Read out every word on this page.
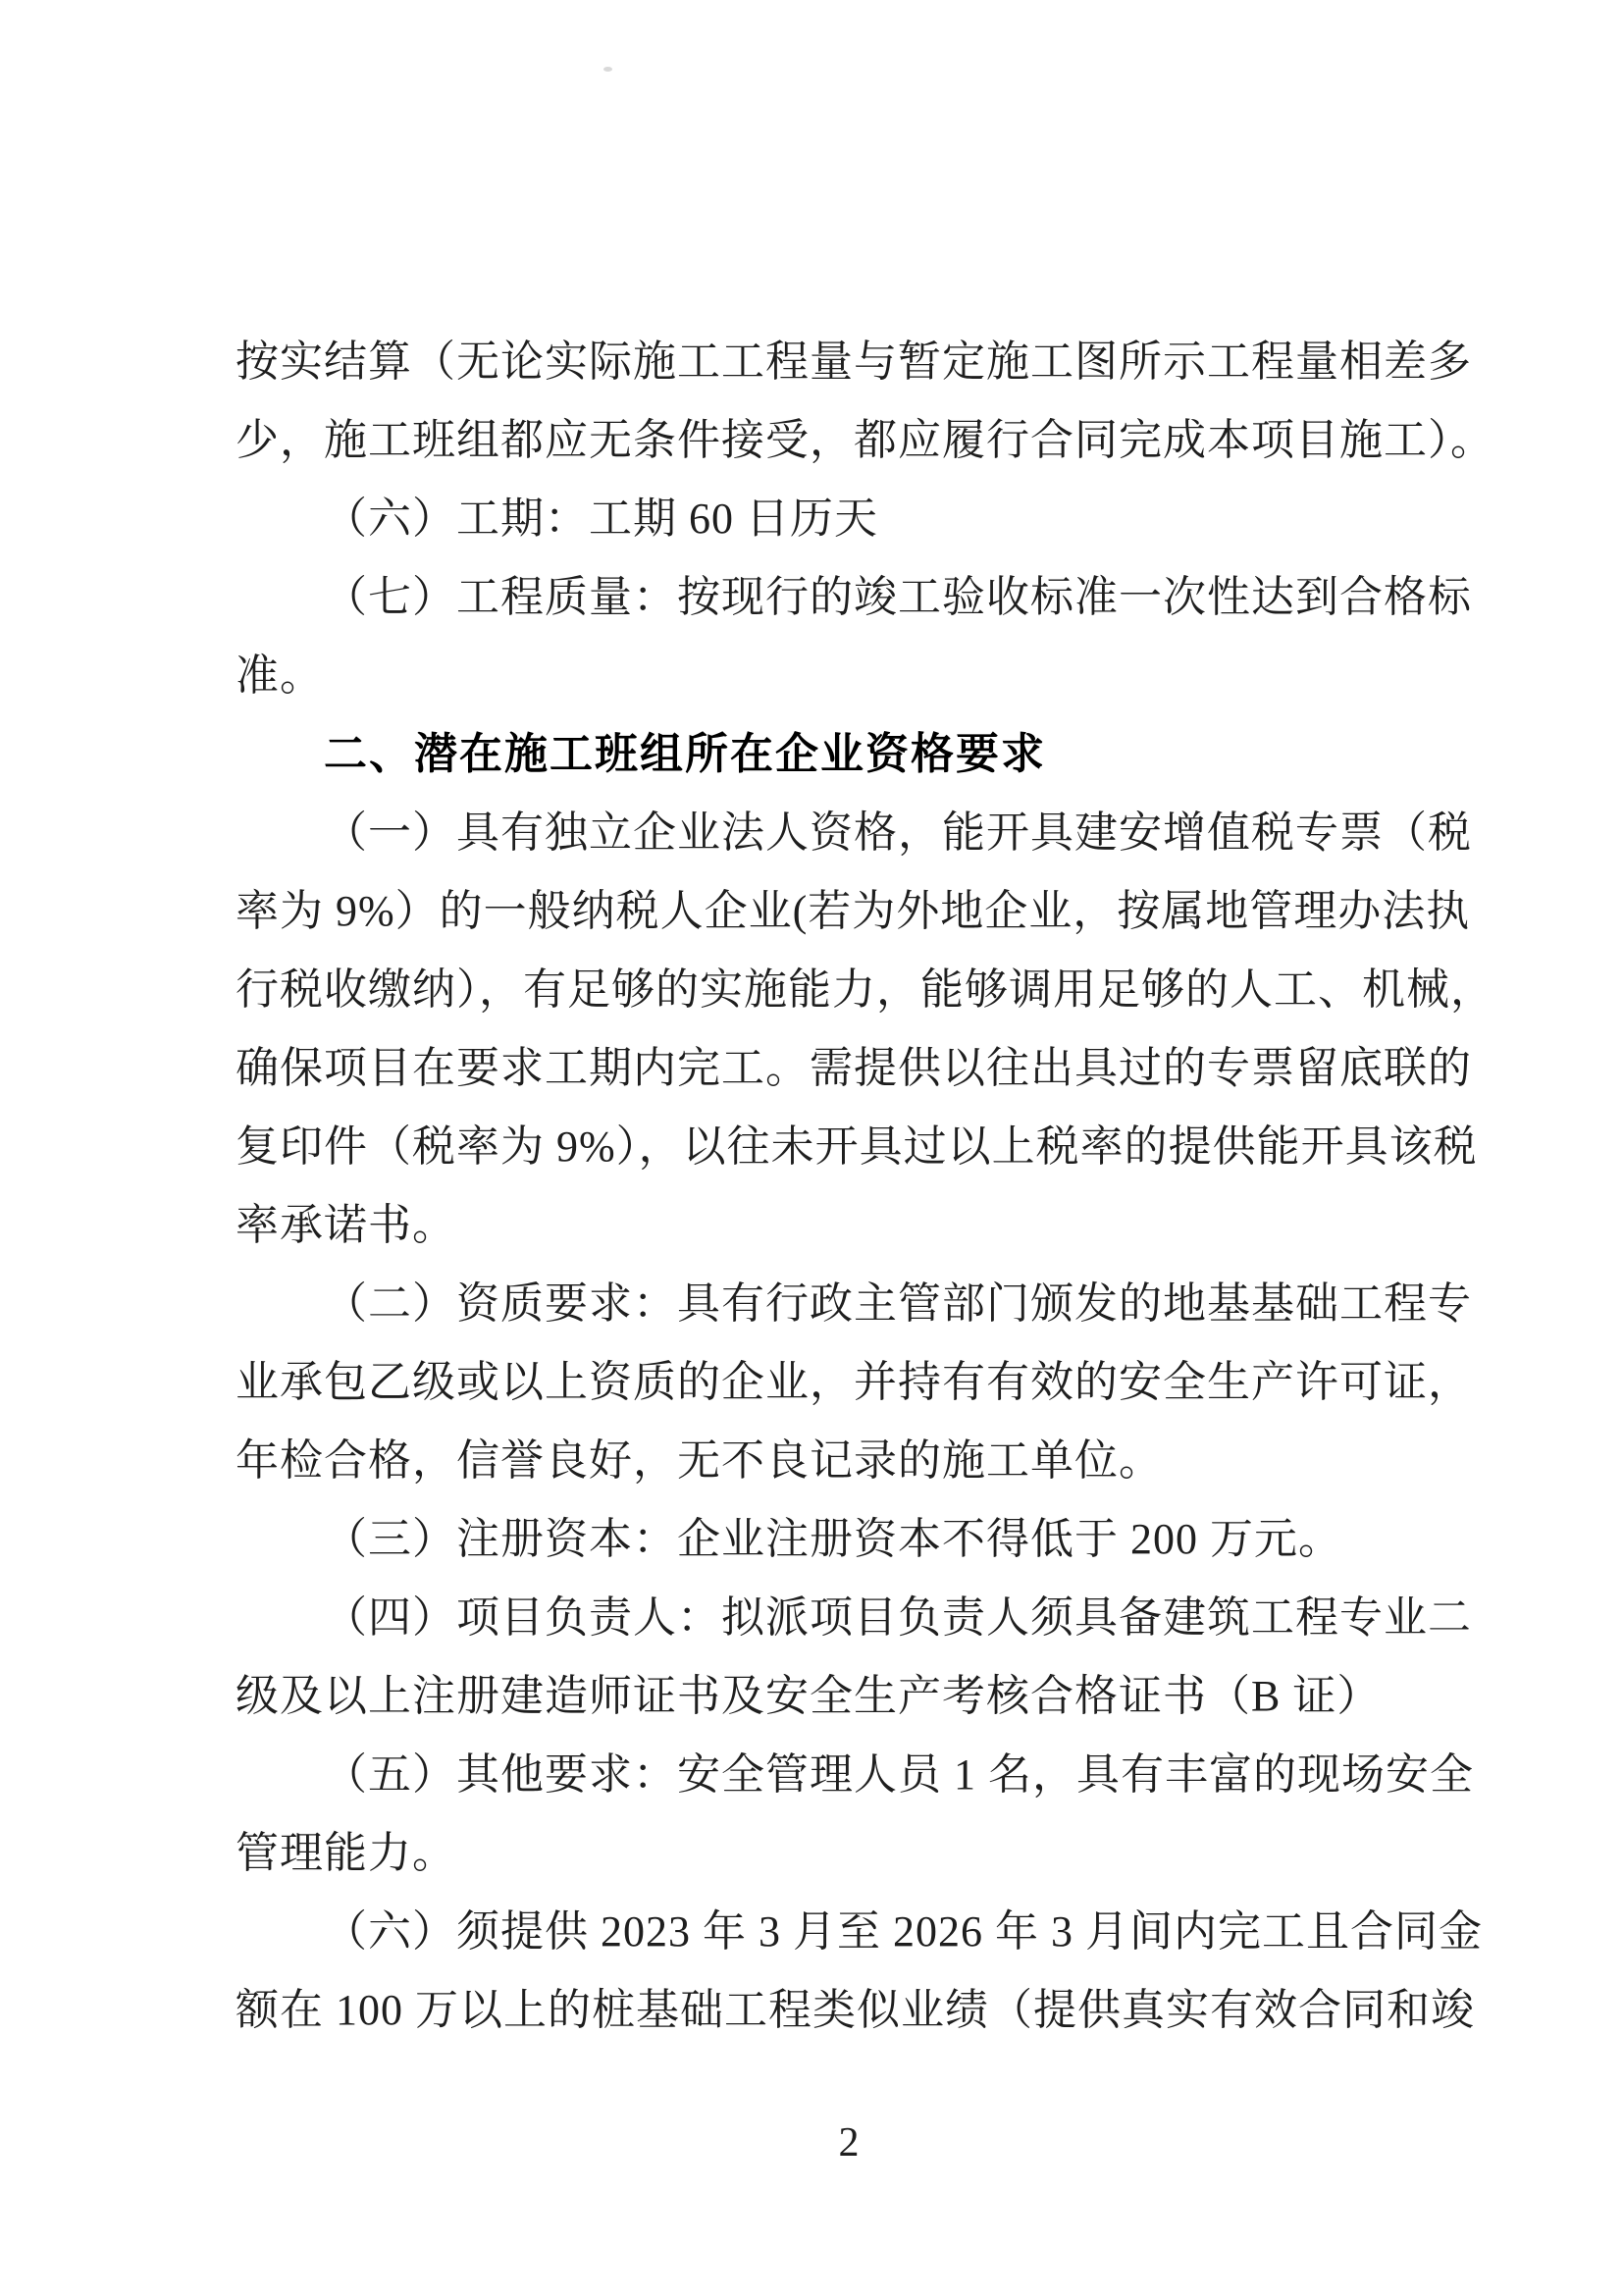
按实结算（无论实际施工工程量与暂定施工图所示工程量相差多
少，施工班组都应无条件接受，都应履行合同完成本项目施工）。
（六）工期：工期 60 日历天
（七）工程质量：按现行的竣工验收标准一次性达到合格标
准。
二、潜在施工班组所在企业资格要求
（一）具有独立企业法人资格，能开具建安增值税专票（税
率为 9%）的一般纳税人企业(若为外地企业，按属地管理办法执
行税收缴纳），有足够的实施能力，能够调用足够的人工、机械，
确保项目在要求工期内完工。需提供以往出具过的专票留底联的
复印件（税率为 9%），以往未开具过以上税率的提供能开具该税
率承诺书。
（二）资质要求：具有行政主管部门颁发的地基基础工程专
业承包乙级或以上资质的企业，并持有有效的安全生产许可证，
年检合格，信誉良好，无不良记录的施工单位。
（三）注册资本：企业注册资本不得低于 200 万元。
（四）项目负责人：拟派项目负责人须具备建筑工程专业二
级及以上注册建造师证书及安全生产考核合格证书（B 证）
（五）其他要求：安全管理人员 1 名，具有丰富的现场安全
管理能力。
（六）须提供 2023 年 3 月至 2026 年 3 月间内完工且合同金
额在 100 万以上的桩基础工程类似业绩（提供真实有效合同和竣
2
